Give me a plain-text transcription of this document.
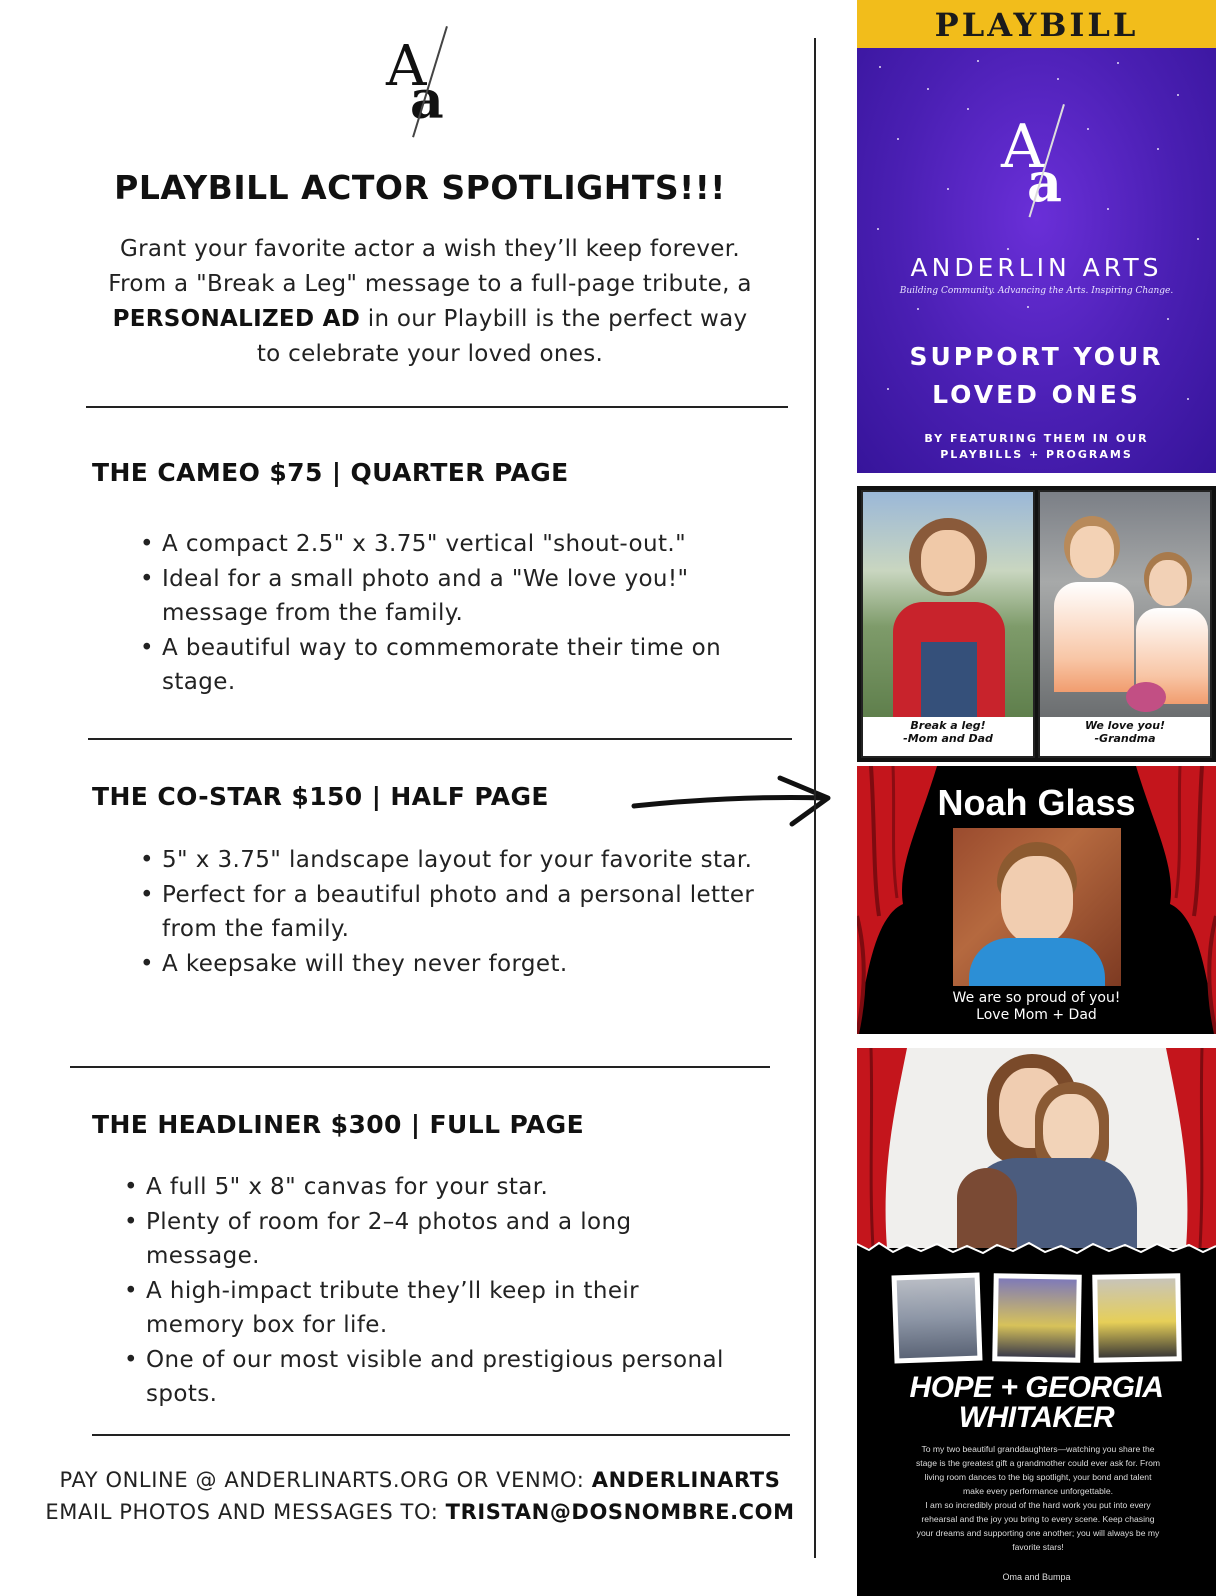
A
a
PLAYBILL ACTOR SPOTLIGHTS!!!
Grant your favorite actor a wish they’ll keep forever.
From a "Break a Leg" message to a full-page tribute, a
PERSONALIZED AD in our Playbill is the perfect way
to celebrate your loved ones.
THE CAMEO $75 | QUARTER PAGE
• A compact 2.5" x 3.75" vertical "shout-out."
• Ideal for a small photo and a "We love you!" message from the family.
• A beautiful way to commemorate their time on stage.
THE CO-STAR $150 | HALF PAGE
• 5" x 3.75" landscape layout for your favorite star.
• Perfect for a beautiful photo and a personal letter from the family.
• A keepsake will they never forget.
THE HEADLINER $300 | FULL PAGE
• A full 5" x 8" canvas for your star.
• Plenty of room for 2–4 photos and a long message.
• A high-impact tribute they’ll keep in their memory box for life.
• One of our most visible and prestigious personal spots.
PAY ONLINE @ ANDERLINARTS.ORG OR VENMO: ANDERLINARTS
EMAIL PHOTOS AND MESSAGES TO: TRISTAN@DOSNOMBRE.COM
PLAYBILL
A
a
ANDERLIN ARTS
Building Community. Advancing the Arts. Inspiring Change.
SUPPORT YOUR
LOVED ONES
BY FEATURING THEM IN OUR
PLAYBILLS + PROGRAMS
Break a leg!
-Mom and Dad
We love you!
-Grandma
Noah Glass
We are so proud of you!
Love Mom + Dad
HOPE + GEORGIA
WHITAKER
To my two beautiful granddaughters—watching you share the
stage is the greatest gift a grandmother could ever ask for. From
living room dances to the big spotlight, your bond and talent
make every performance unforgettable.
I am so incredibly proud of the hard work you put into every
rehearsal and the joy you bring to every scene. Keep chasing
your dreams and supporting one another; you will always be my
favorite stars!
Oma and Bumpa
